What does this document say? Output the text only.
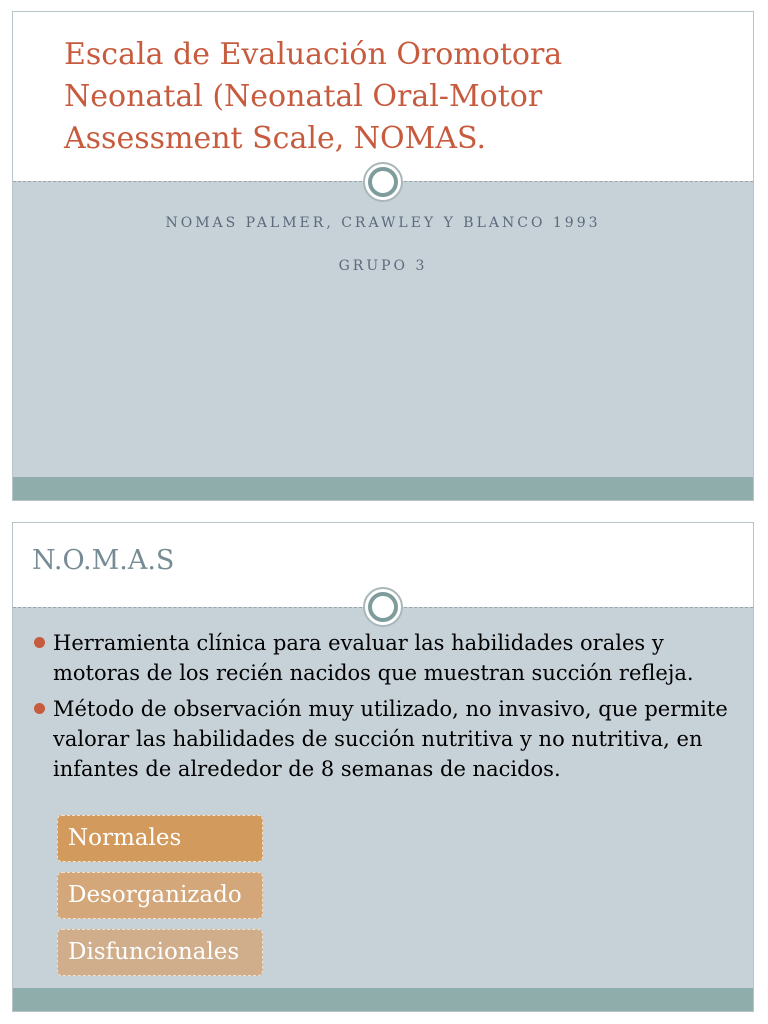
Escala de Evaluación Oromotora
Neonatal (Neonatal Oral-Motor
Assessment Scale, NOMAS.

NOMAS PALMER, CRAWLEY Y BLANCO 1993

GRUPO 3

N.O.M.A.S
Herramienta clínica para evaluar las habilidades orales y motoras de los recién nacidos que muestran succión refleja.
Método de observación muy utilizado, no invasivo, que permite valorar las habilidades de succión nutritiva y no nutritiva, en infantes de alrededor de 8 semanas de nacidos.
Normales
Desorganizado
Disfuncionales
